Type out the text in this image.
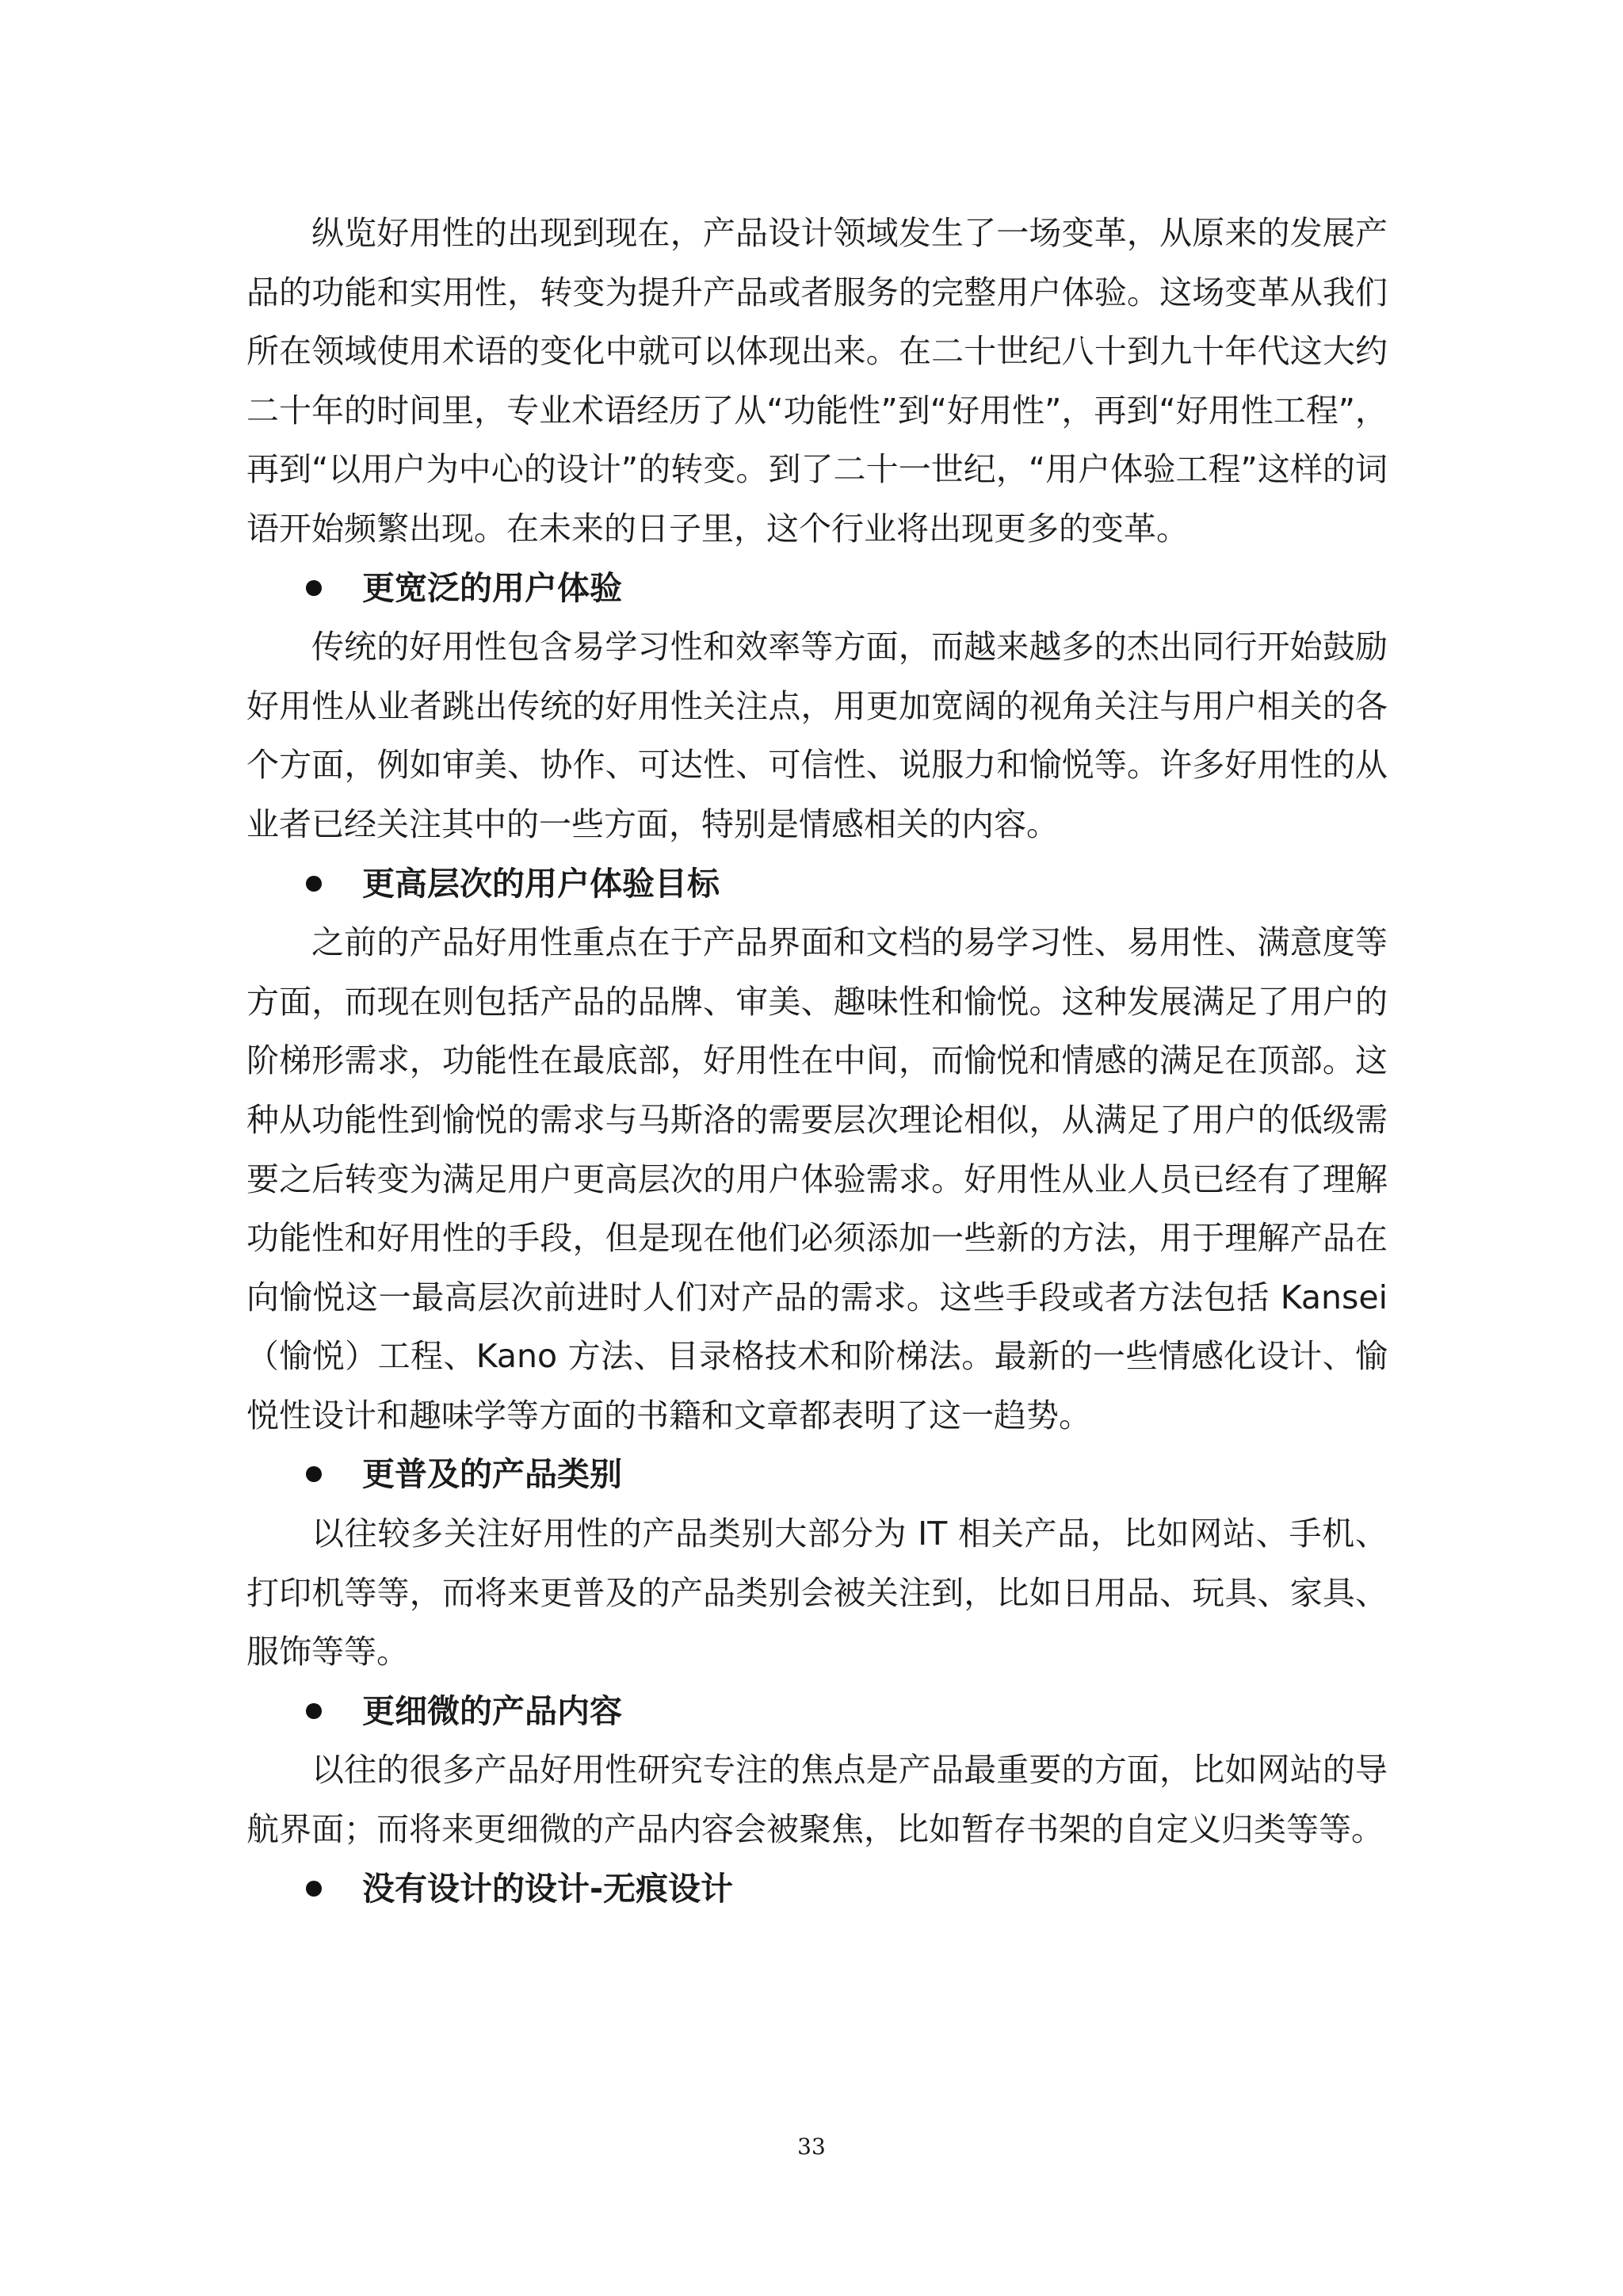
纵览好用性的出现到现在，产品设计领域发生了一场变革，从原来的发展产品的功能和实用性，转变为提升产品或者服务的完整用户体验。这场变革从我们所在领域使用术语的变化中就可以体现出来。在二十世纪八十到九十年代这大约二十年的时间里，专业术语经历了从“功能性”到“好用性”，再到“好用性工程”，再到“以用户为中心的设计”的转变。到了二十一世纪，“用户体验工程”这样的词语开始频繁出现。在未来的日子里，这个行业将出现更多的变革。

更宽泛的用户体验

传统的好用性包含易学习性和效率等方面，而越来越多的杰出同行开始鼓励好用性从业者跳出传统的好用性关注点，用更加宽阔的视角关注与用户相关的各个方面，例如审美、协作、可达性、可信性、说服力和愉悦等。许多好用性的从业者已经关注其中的一些方面，特别是情感相关的内容。

更高层次的用户体验目标

之前的产品好用性重点在于产品界面和文档的易学习性、易用性、满意度等方面，而现在则包括产品的品牌、审美、趣味性和愉悦。这种发展满足了用户的阶梯形需求，功能性在最底部，好用性在中间，而愉悦和情感的满足在顶部。这种从功能性到愉悦的需求与马斯洛的需要层次理论相似，从满足了用户的低级需要之后转变为满足用户更高层次的用户体验需求。好用性从业人员已经有了理解功能性和好用性的手段，但是现在他们必须添加一些新的方法，用于理解产品在向愉悦这一最高层次前进时人们对产品的需求。这些手段或者方法包括 Kansei（愉悦）工程、Kano 方法、目录格技术和阶梯法。最新的一些情感化设计、愉悦性设计和趣味学等方面的书籍和文章都表明了这一趋势。

更普及的产品类别

以往较多关注好用性的产品类别大部分为 IT 相关产品，比如网站、手机、打印机等等，而将来更普及的产品类别会被关注到，比如日用品、玩具、家具、服饰等等。

更细微的产品内容

以往的很多产品好用性研究专注的焦点是产品最重要的方面，比如网站的导航界面；而将来更细微的产品内容会被聚焦，比如暂存书架的自定义归类等等。

没有设计的设计-无痕设计
33
